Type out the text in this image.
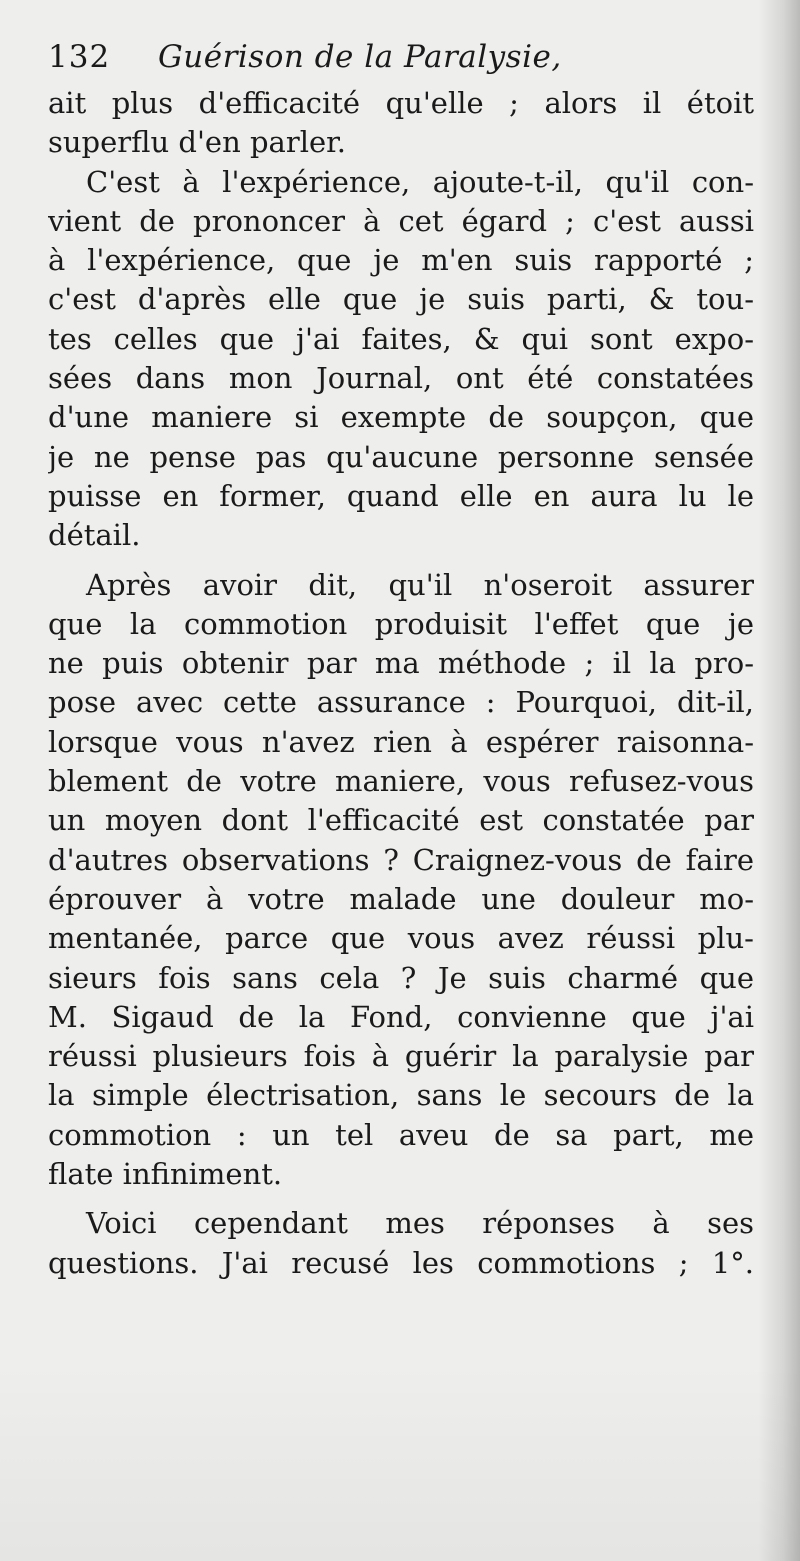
132	Guérison de la Paralysie,
ait plus d'efficacité qu'elle ; alors il étoit
superflu d'en parler.
C'est à l'expérience, ajoute-t-il, qu'il con-
vient de prononcer à cet égard ; c'est aussi
à l'expérience, que je m'en suis rapporté ;
c'est d'après elle que je suis parti, & tou-
tes celles que j'ai faites, & qui sont expo-
sées dans mon Journal, ont été constatées
d'une maniere si exempte de soupçon, que
je ne pense pas qu'aucune personne sensée
puisse en former, quand elle en aura lu le
détail.
Après avoir dit, qu'il n'oseroit assurer
que la commotion produisit l'effet que je
ne puis obtenir par ma méthode ; il la pro-
pose avec cette assurance : Pourquoi, dit-il,
lorsque vous n'avez rien à espérer raisonna-
blement de votre maniere, vous refusez-vous
un moyen dont l'efficacité est constatée par
d'autres observations ? Craignez-vous de faire
éprouver à votre malade une douleur mo-
mentanée, parce que vous avez réussi plu-
sieurs fois sans cela ? Je suis charmé que
M. Sigaud de la Fond, convienne que j'ai
réussi plusieurs fois à guérir la paralysie par
la simple électrisation, sans le secours de la
commotion : un tel aveu de sa part, me
flate infiniment.
Voici cependant mes réponses à ses
questions. J'ai recusé les commotions ; 1°.
